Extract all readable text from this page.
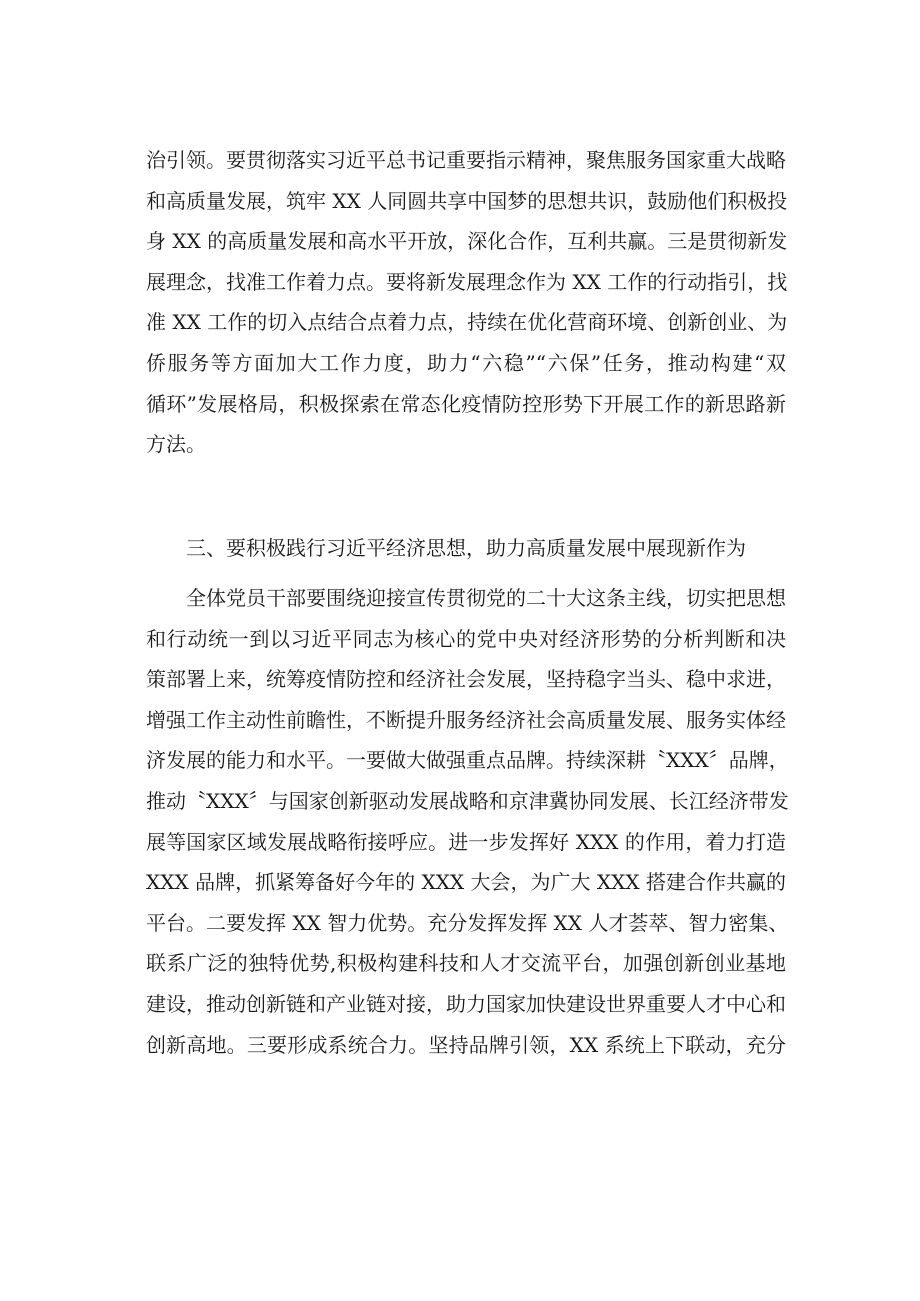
治引领。要贯彻落实习近平总书记重要指示精神，聚焦服务国家重大战略
和高质量发展，筑牢 XX 人同圆共享中国梦的思想共识，鼓励他们积极投
身 XX 的高质量发展和高水平开放，深化合作，互利共赢。三是贯彻新发
展理念，找准工作着力点。要将新发展理念作为 XX 工作的行动指引，找
准 XX 工作的切入点结合点着力点，持续在优化营商环境、创新创业、为
侨服务等方面加大工作力度，助力“六稳”“六保”任务，推动构建“双
循环”发展格局，积极探索在常态化疫情防控形势下开展工作的新思路新
方法。
三、要积极践行习近平经济思想，助力高质量发展中展现新作为
全体党员干部要围绕迎接宣传贯彻党的二十大这条主线，切实把思想
和行动统一到以习近平同志为核心的党中央对经济形势的分析判断和决
策部署上来，统筹疫情防控和经济社会发展，坚持稳字当头、稳中求进，
增强工作主动性前瞻性，不断提升服务经济社会高质量发展、服务实体经
济发展的能力和水平。一要做大做强重点品牌。持续深耕〝XXX〞品牌，
推动〝XXX〞与国家创新驱动发展战略和京津冀协同发展、长江经济带发
展等国家区域发展战略衔接呼应。进一步发挥好 XXX 的作用，着力打造
XXX 品牌，抓紧筹备好今年的 XXX 大会，为广大 XXX 搭建合作共赢的
平台。二要发挥 XX 智力优势。充分发挥发挥 XX 人才荟萃、智力密集、
联系广泛的独特优势,积极构建科技和人才交流平台，加强创新创业基地
建设，推动创新链和产业链对接，助力国家加快建设世界重要人才中心和
创新高地。三要形成系统合力。坚持品牌引领，XX 系统上下联动，充分
